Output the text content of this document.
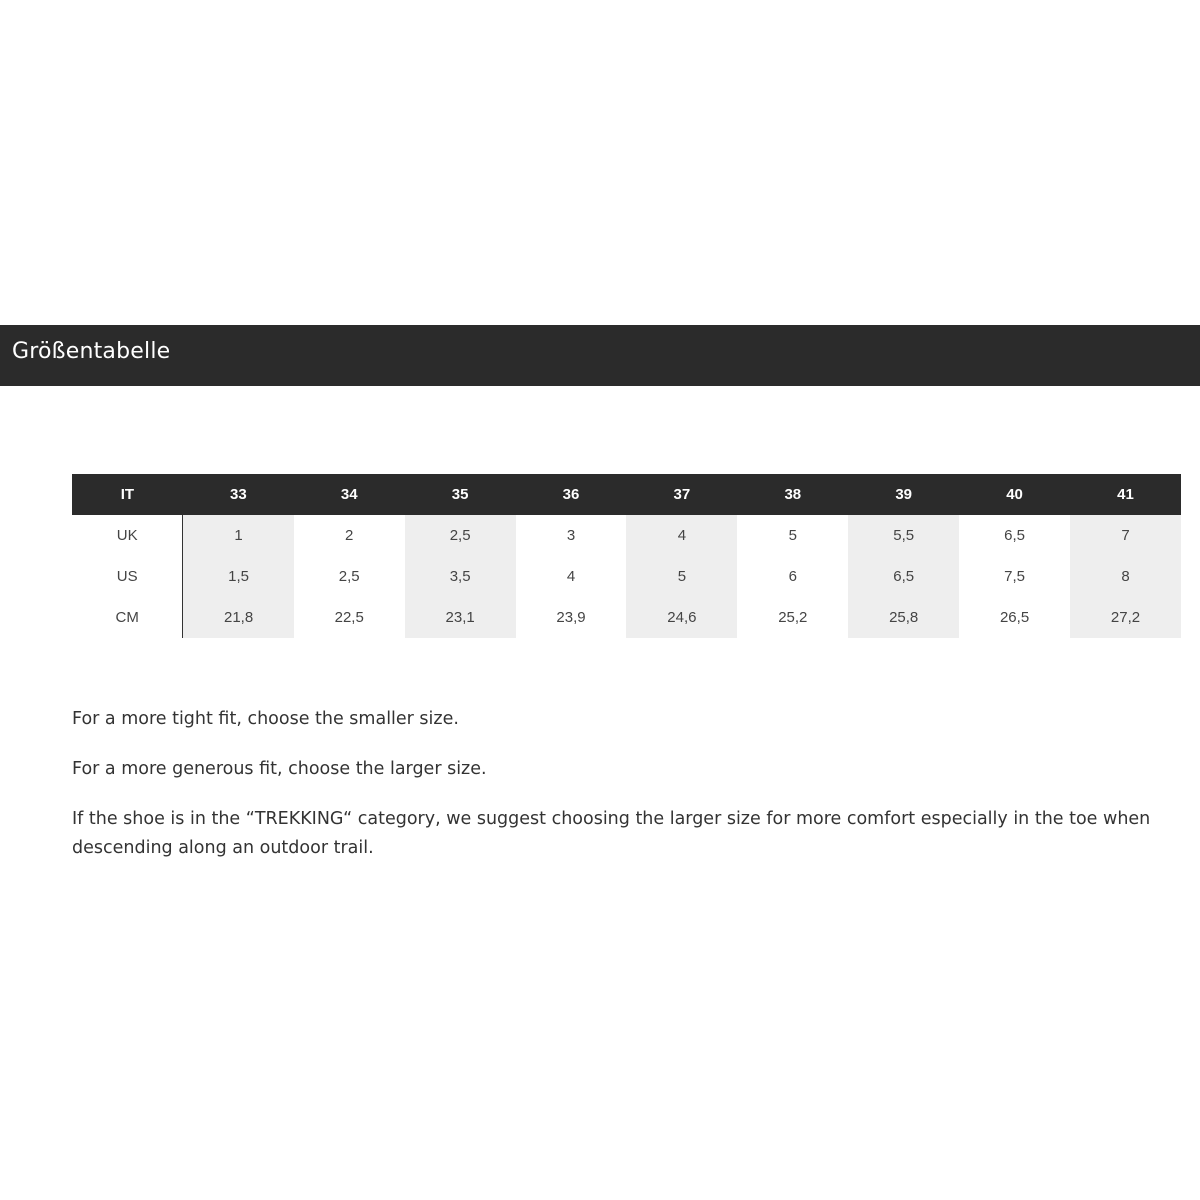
Größentabelle
IT	33	34	35	36	37	38	39	40	41
UK	1	2	2,5	3	4	5	5,5	6,5	7
US	1,5	2,5	3,5	4	5	6	6,5	7,5	8
CM	21,8	22,5	23,1	23,9	24,6	25,2	25,8	26,5	27,2

For a more tight fit, choose the smaller size.

For a more generous fit, choose the larger size.

If the shoe is in the “TREKKING“ category, we suggest choosing the larger size for more comfort especially in the toe when descending along an outdoor trail.
